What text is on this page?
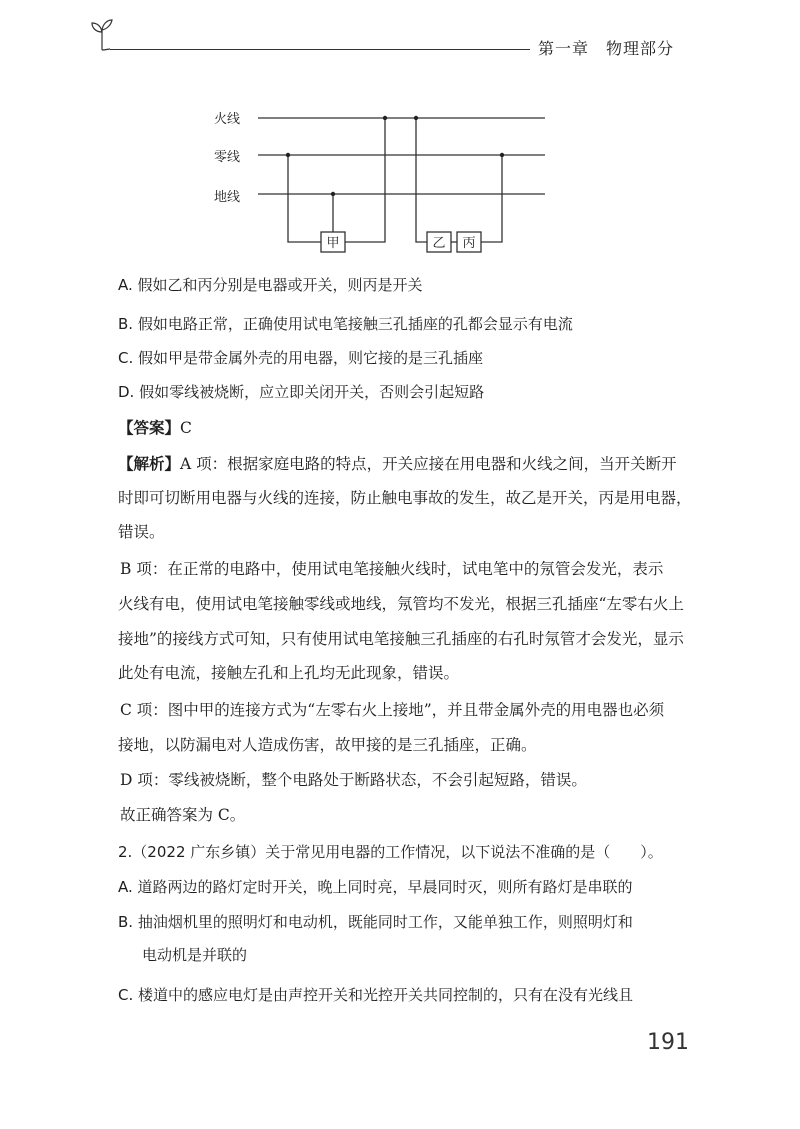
第一章　物理部分
火线
零线
地线
甲	乙 丙
A. 假如乙和丙分别是电器或开关，则丙是开关
B. 假如电路正常，正确使用试电笔接触三孔插座的孔都会显示有电流
C. 假如甲是带金属外壳的用电器，则它接的是三孔插座
D. 假如零线被烧断，应立即关闭开关，否则会引起短路
【答案】C
【解析】A 项：根据家庭电路的特点，开关应接在用电器和火线之间，当开关断开
时即可切断用电器与火线的连接，防止触电事故的发生，故乙是开关，丙是用电器，
错误。
B 项：在正常的电路中，使用试电笔接触火线时，试电笔中的氖管会发光，表示
火线有电，使用试电笔接触零线或地线，氖管均不发光，根据三孔插座“左零右火上
接地”的接线方式可知，只有使用试电笔接触三孔插座的右孔时氖管才会发光，显示
此处有电流，接触左孔和上孔均无此现象，错误。
C 项：图中甲的连接方式为“左零右火上接地”，并且带金属外壳的用电器也必须
接地，以防漏电对人造成伤害，故甲接的是三孔插座，正确。
D 项：零线被烧断，整个电路处于断路状态，不会引起短路，错误。
故正确答案为 C。
2.（2022 广东乡镇）关于常见用电器的工作情况，以下说法不准确的是（　　）。
A. 道路两边的路灯定时开关，晚上同时亮，早晨同时灭，则所有路灯是串联的
B. 抽油烟机里的照明灯和电动机，既能同时工作，又能单独工作，则照明灯和
电动机是并联的
C. 楼道中的感应电灯是由声控开关和光控开关共同控制的，只有在没有光线且
191
